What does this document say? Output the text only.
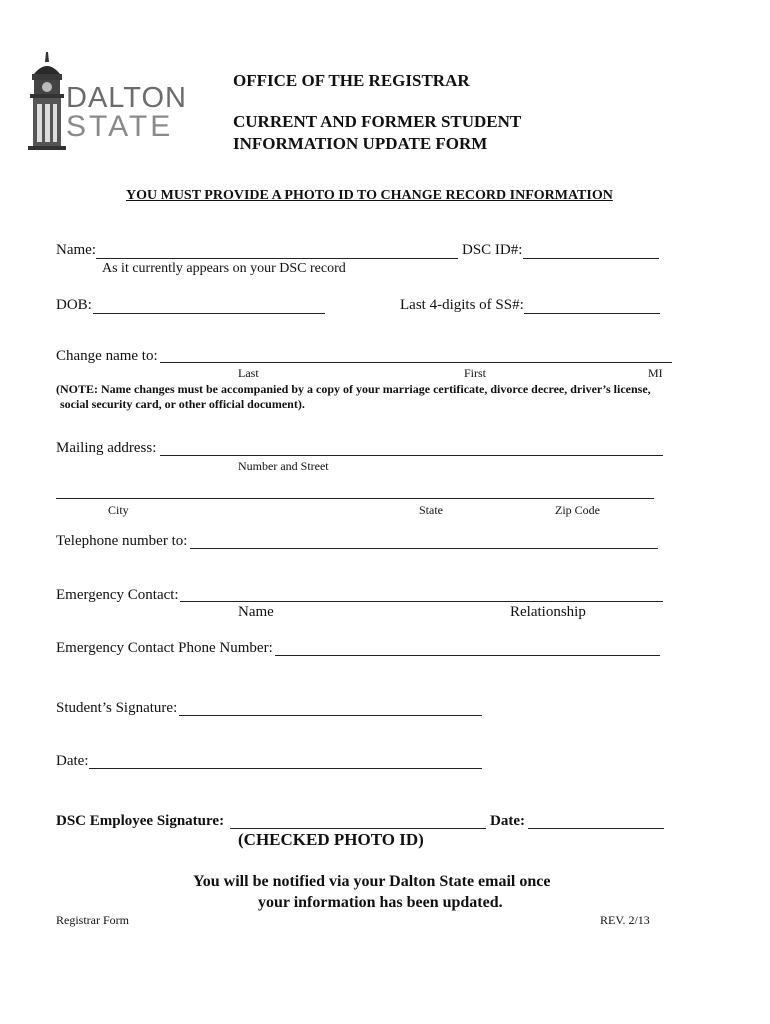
DALTON
STATE
OFFICE OF THE REGISTRAR
CURRENT AND FORMER STUDENT
INFORMATION UPDATE FORM
YOU MUST PROVIDE A PHOTO ID TO CHANGE RECORD INFORMATION
Name:	DSC ID#:
As it currently appears on your DSC record
DOB:	Last 4-digits of SS#:
Change name to:
Last	First	MI
(NOTE: Name changes must be accompanied by a copy of your marriage certificate, divorce decree, driver’s license,
social security card, or other official document).
Mailing address:
Number and Street
City	State	Zip Code
Telephone number to:
Emergency Contact:
Name	Relationship
Emergency Contact Phone Number:
Student’s Signature:
Date:
DSC Employee Signature:	Date:
(CHECKED PHOTO ID)
You will be notified via your Dalton State email once
your information has been updated.
Registrar Form	REV. 2/13
